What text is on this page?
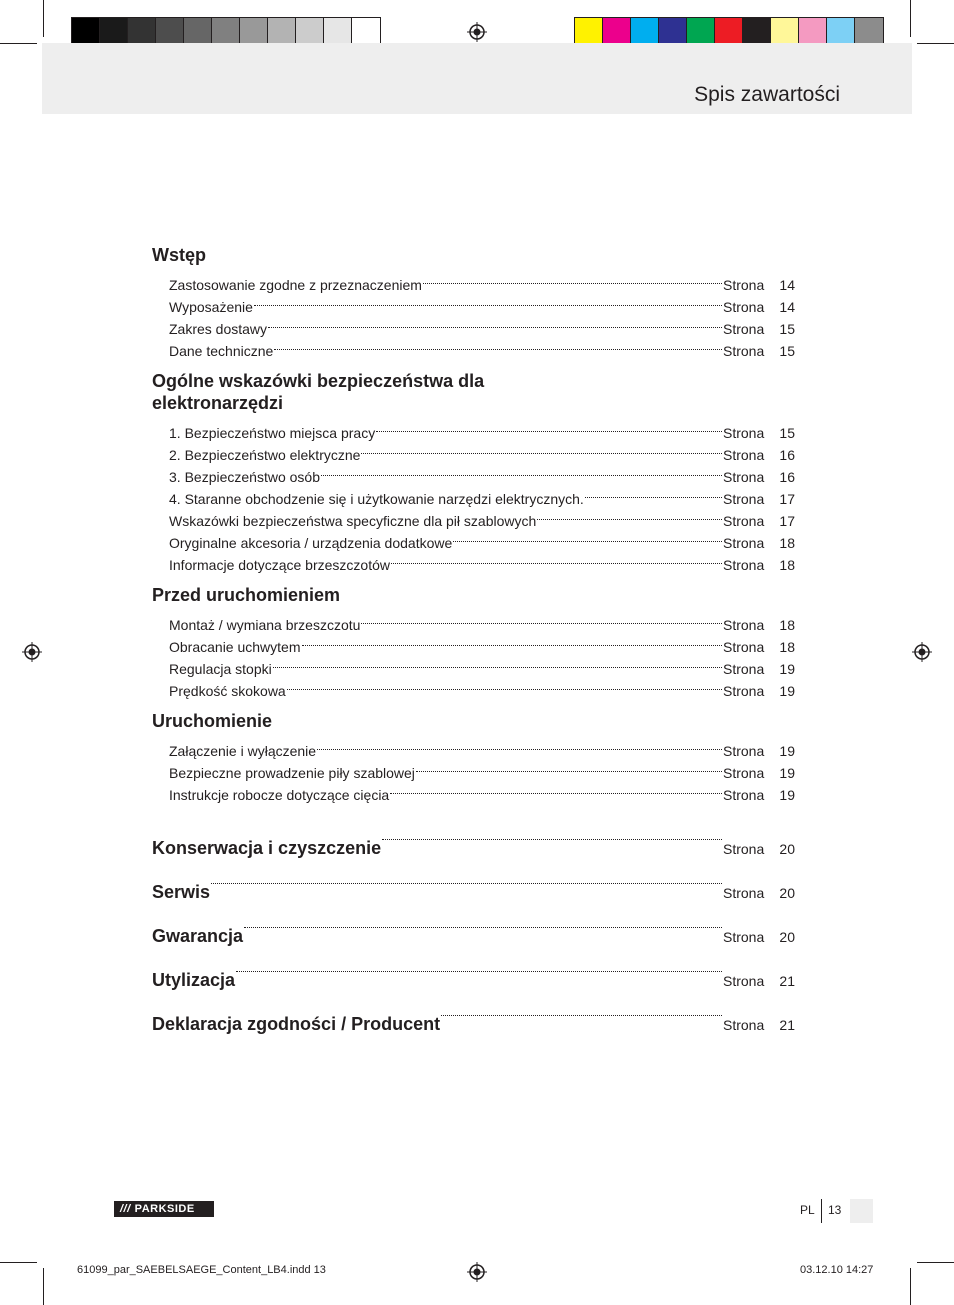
Spis zawartości
Wstęp
Zastosowanie zgodne z przeznaczeniem	Strona 14
Wyposażenie	Strona 14
Zakres dostawy	Strona 15
Dane techniczne	Strona 15
Ogólne wskazówki bezpieczeństwa dla elektronarzędzi
1. Bezpieczeństwo miejsca pracy	Strona 15
2. Bezpieczeństwo elektryczne	Strona 16
3. Bezpieczeństwo osób	Strona 16
4. Staranne obchodzenie się i użytkowanie narzędzi elektrycznych.	Strona 17
Wskazówki bezpieczeństwa specyficzne dla pił szablowych	Strona 17
Oryginalne akcesoria / urządzenia dodatkowe	Strona 18
Informacje dotyczące brzeszczotów	Strona 18
Przed uruchomieniem
Montaż / wymiana brzeszczotu	Strona 18
Obracanie uchwytem	Strona 18
Regulacja stopki	Strona 19
Prędkość skokowa	Strona 19
Uruchomienie
Załączenie i wyłączenie	Strona 19
Bezpieczne prowadzenie piły szablowej	Strona 19
Instrukcje robocze dotyczące cięcia	Strona 19
Konserwacja i czyszczenie	Strona 20
Serwis	Strona 20
Gwarancja	Strona 20
Utylizacja	Strona 21
Deklaracja zgodności / Producent	Strona 21
/// PARKSIDE	PL 13
61099_par_SAEBELSAEGE_Content_LB4.indd 13	03.12.10 14:27
